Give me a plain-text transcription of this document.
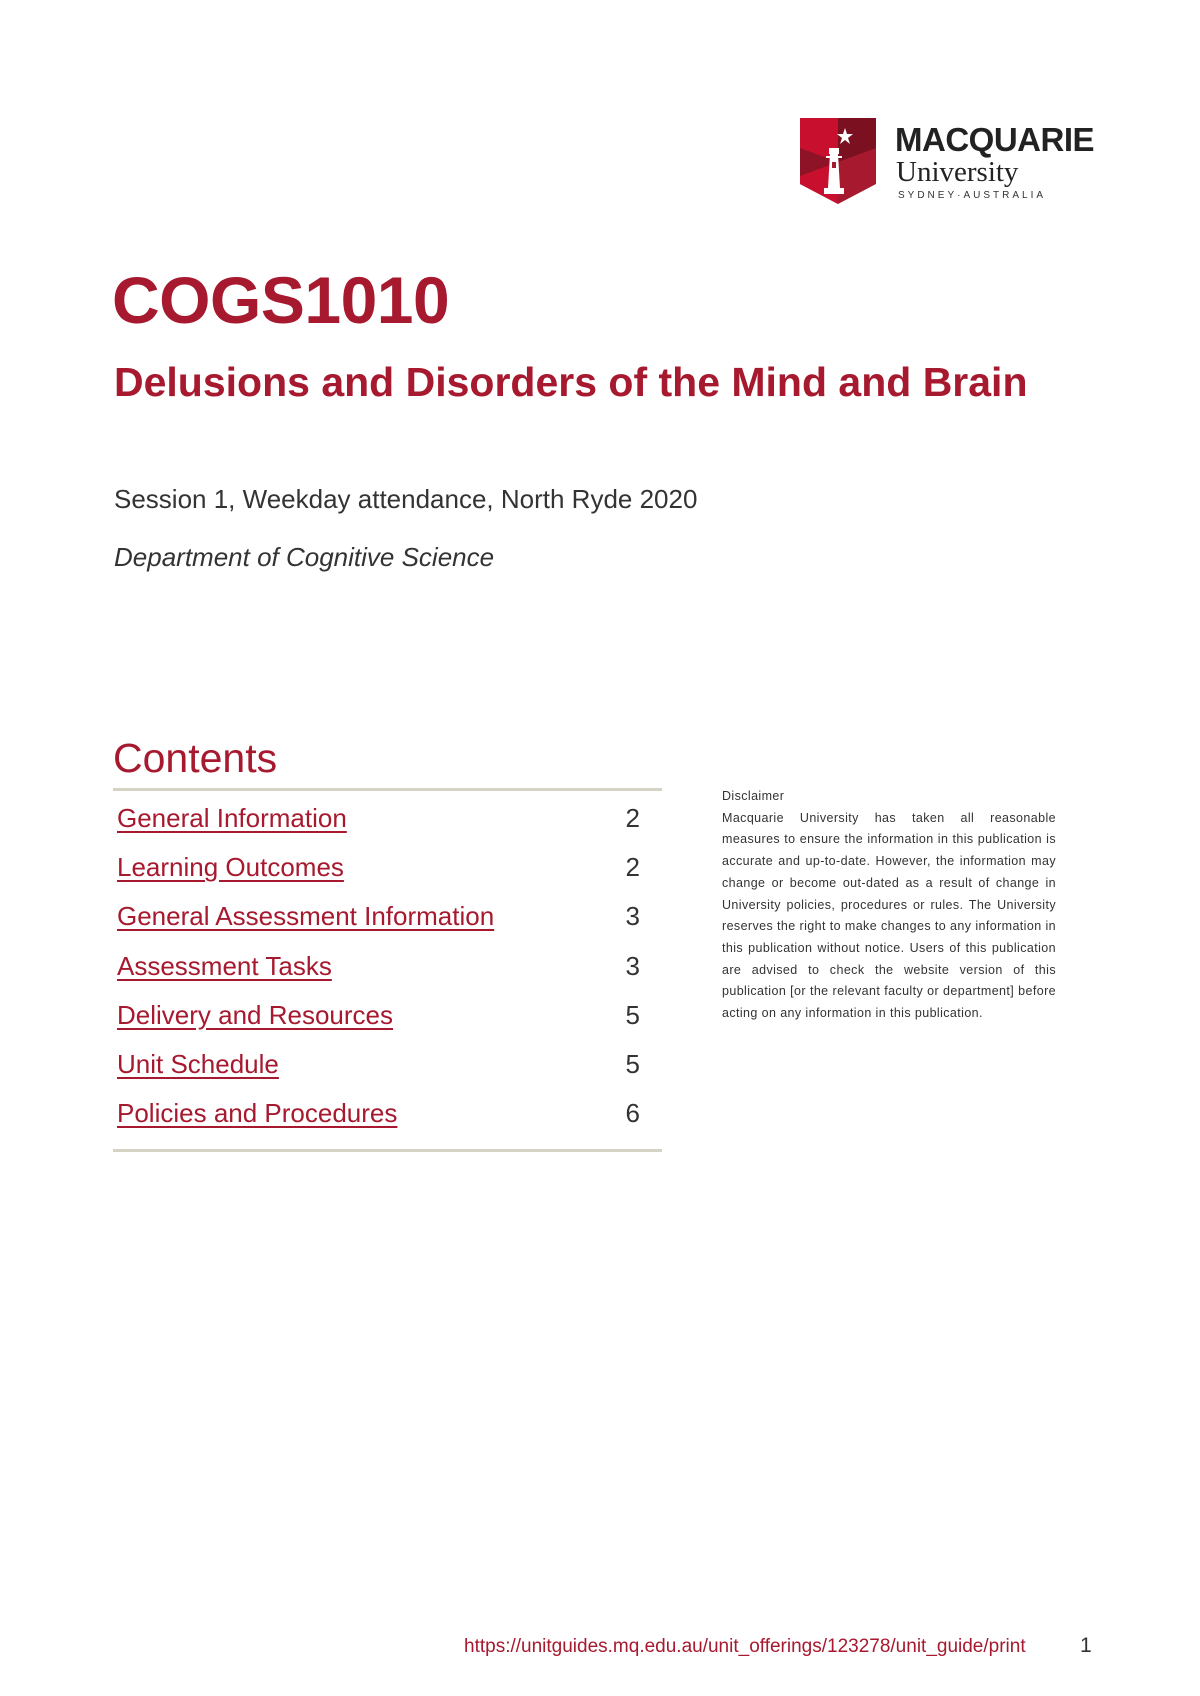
MACQUARIE
University
SYDNEY·AUSTRALIA
COGS1010
Delusions and Disorders of the Mind and Brain
Session 1, Weekday attendance, North Ryde 2020
Department of Cognitive Science
Contents
General Information	2
Learning Outcomes	2
General Assessment Information	3
Assessment Tasks	3
Delivery and Resources	5
Unit Schedule	5
Policies and Procedures	6

Disclaimer

Macquarie University has taken all reasonable measures to ensure the information in this publication is accurate and up-to-date. However, the information may change or become out-dated as a result of change in University policies, procedures or rules. The University reserves the right to make changes to any information in this publication without notice. Users of this publication are advised to check the website version of this publication [or the relevant faculty or department] before acting on any information in this publication.

https://unitguides.mq.edu.au/unit_offerings/123278/unit_guide/print	1
